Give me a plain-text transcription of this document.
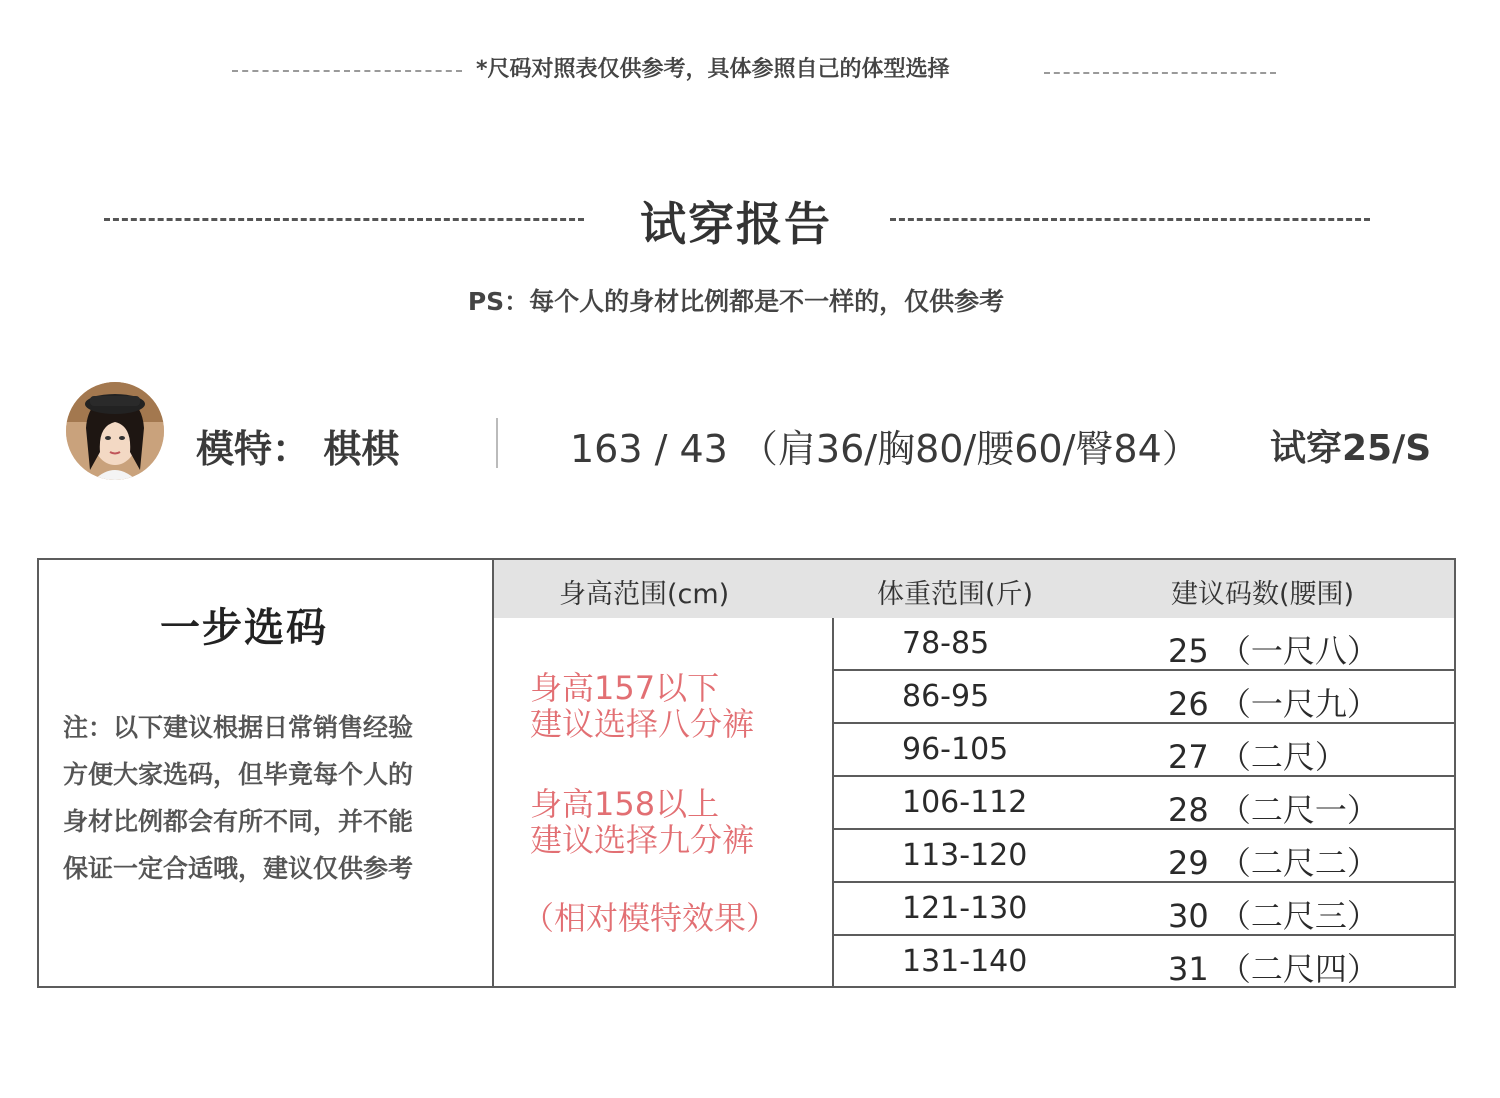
*尺码对照表仅供参考，具体参照自己的体型选择
试穿报告
PS：每个人的身材比例都是不一样的，仅供参考
模特： 棋棋	163 / 43 （肩36/胸80/腰60/臀84） 试穿25/S
一步选码
注：以下建议根据日常销售经验
方便大家选码，但毕竟每个人的
身材比例都会有所不同，并不能
保证一定合适哦，建议仅供参考
身高范围(cm)	体重范围(斤)	建议码数(腰围)
身高157以下
建议选择八分裤
身高158以上
建议选择九分裤
（相对模特效果）
78-85	25 （一尺八）
86-95	26 （一尺九）
96-105	27 （二尺）
106-112	28 （二尺一）
113-120	29 （二尺二）
121-130	30 （二尺三）
131-140	31 （二尺四）
